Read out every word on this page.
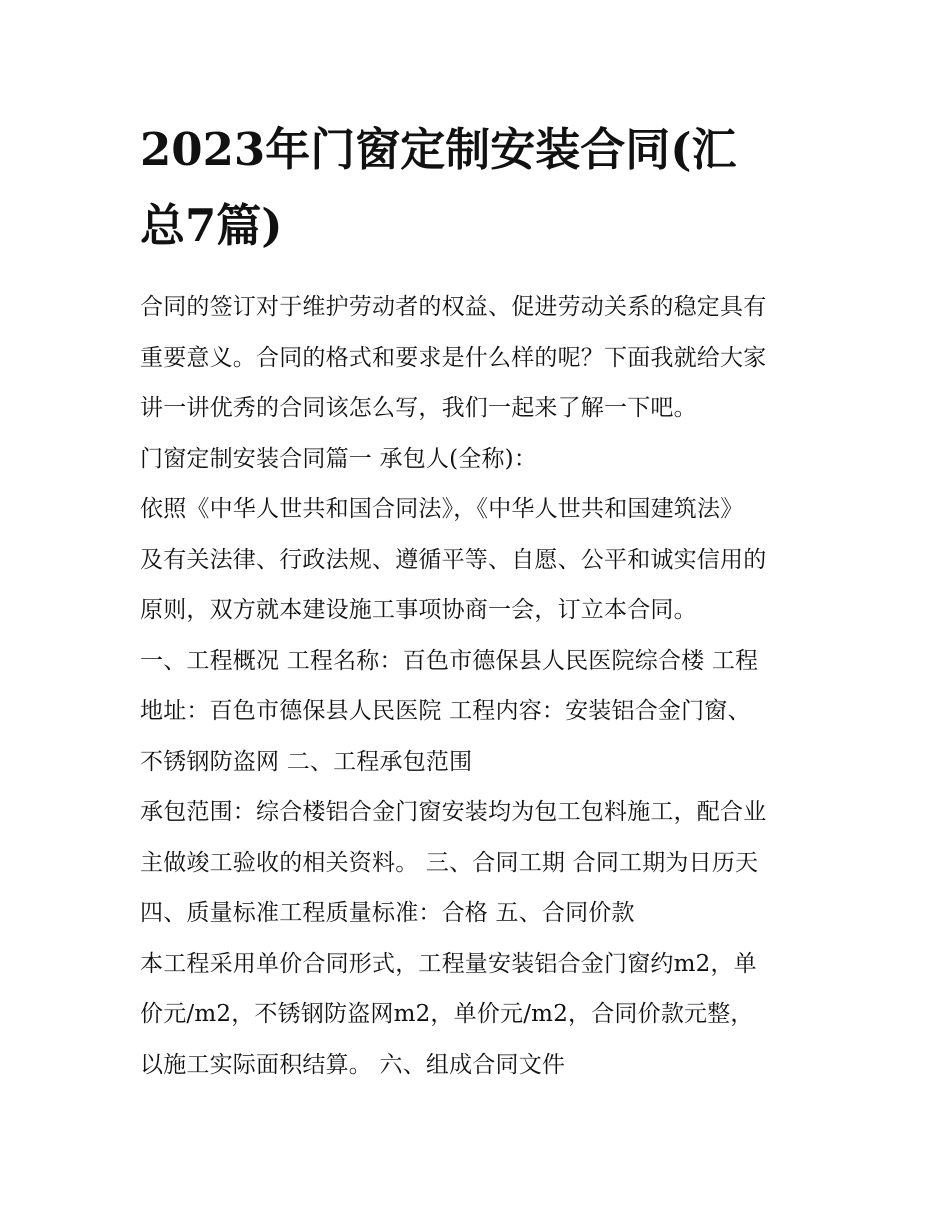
2023年门窗定制安装合同(汇总7篇)
合同的签订对于维护劳动者的权益、促进劳动关系的稳定具有
重要意义。合同的格式和要求是什么样的呢？下面我就给大家
讲一讲优秀的合同该怎么写，我们一起来了解一下吧。
门窗定制安装合同篇一 承包人(全称)：
依照《中华人世共和国合同法》，《中华人世共和国建筑法》
及有关法律、行政法规、遵循平等、自愿、公平和诚实信用的
原则，双方就本建设施工事项协商一会，订立本合同。
一、工程概况 工程名称：百色市德保县人民医院综合楼 工程
地址：百色市德保县人民医院 工程内容：安装铝合金门窗、
不锈钢防盗网 二、工程承包范围
承包范围：综合楼铝合金门窗安装均为包工包料施工，配合业
主做竣工验收的相关资料。 三、合同工期 合同工期为日历天
四、质量标准工程质量标准：合格 五、合同价款
本工程采用单价合同形式，工程量安装铝合金门窗约m2，单
价元/m2，不锈钢防盗网m2，单价元/m2，合同价款元整，
以施工实际面积结算。 六、组成合同文件
